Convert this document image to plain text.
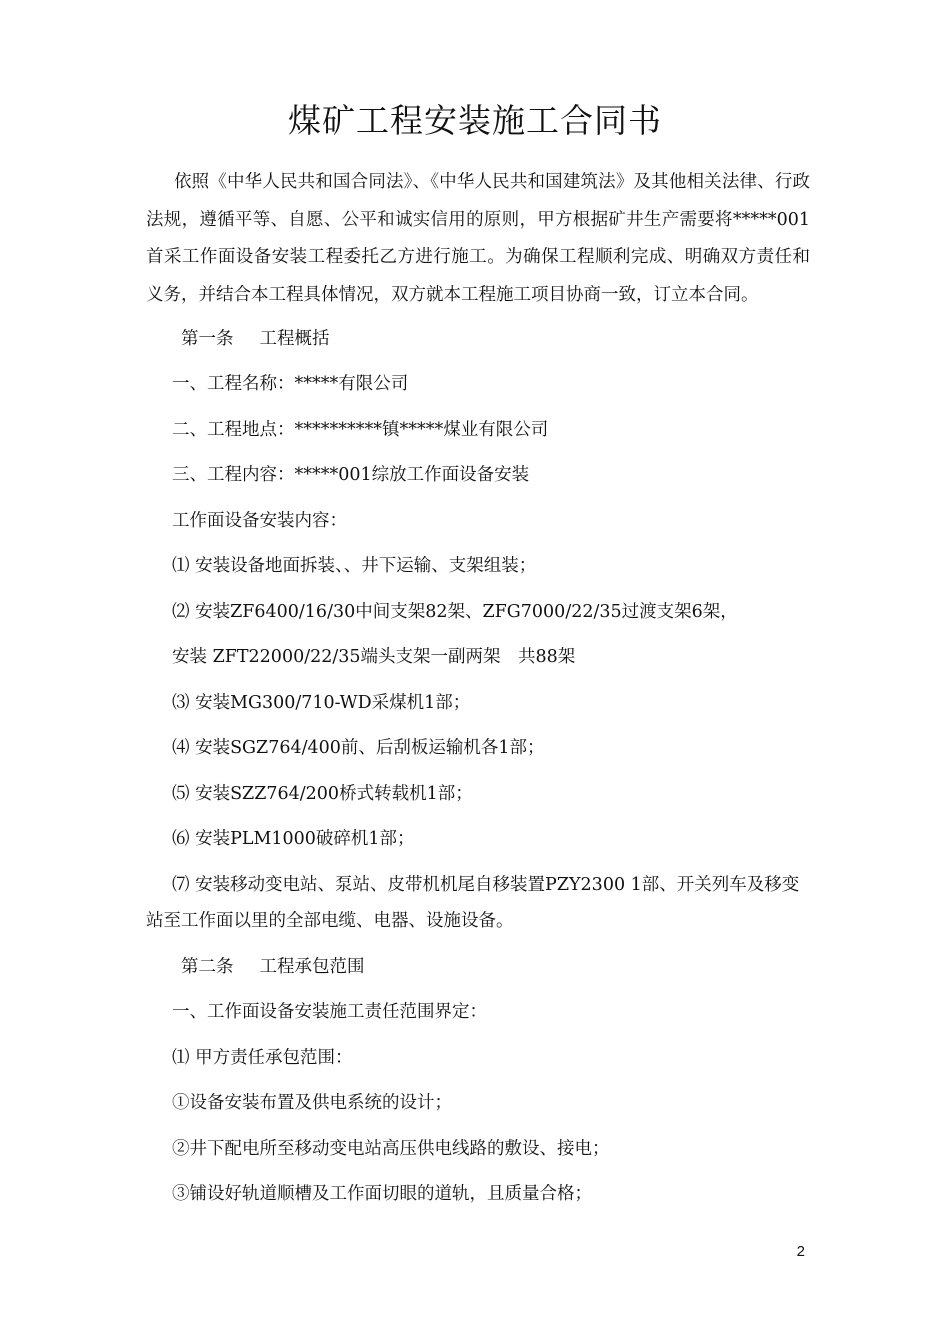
煤矿工程安装施工合同书

依照《中华人民共和国合同法》、《中华人民共和国建筑法》及其他相关法律、行政法规，遵循平等、自愿、公平和诚实信用的原则，甲方根据矿井生产需要将*****001首采工作面设备安装工程委托乙方进行施工。为确保工程顺利完成、明确双方责任和义务，并结合本工程具体情况，双方就本工程施工项目协商一致，订立本合同。

第一条 工程概括
一、工程名称：*****有限公司
二、工程地点：**********镇*****煤业有限公司
三、工程内容：*****001综放工作面设备安装
工作面设备安装内容：
⑴ 安装设备地面拆装、、井下运输、支架组装；
⑵ 安装ZF6400/16/30中间支架82架、ZFG7000/22/35过渡支架6架，
安装 ZFT22000/22/35端头支架一副两架　共88架
⑶ 安装MG300/710-WD采煤机1部；
⑷ 安装SGZ764/400前、后刮板运输机各1部；
⑸ 安装SZZ764/200桥式转载机1部；
⑹ 安装PLM1000破碎机1部；

⑺ 安装移动变电站、泵站、皮带机机尾自移装置PZY2300 1部、开关列车及移变站至工作面以里的全部电缆、电器、设施设备。

第二条 工程承包范围
一、工作面设备安装施工责任范围界定：
⑴ 甲方责任承包范围：
①设备安装布置及供电系统的设计；
②井下配电所至移动变电站高压供电线路的敷设、接电；
③铺设好轨道顺槽及工作面切眼的道轨，且质量合格；
2
